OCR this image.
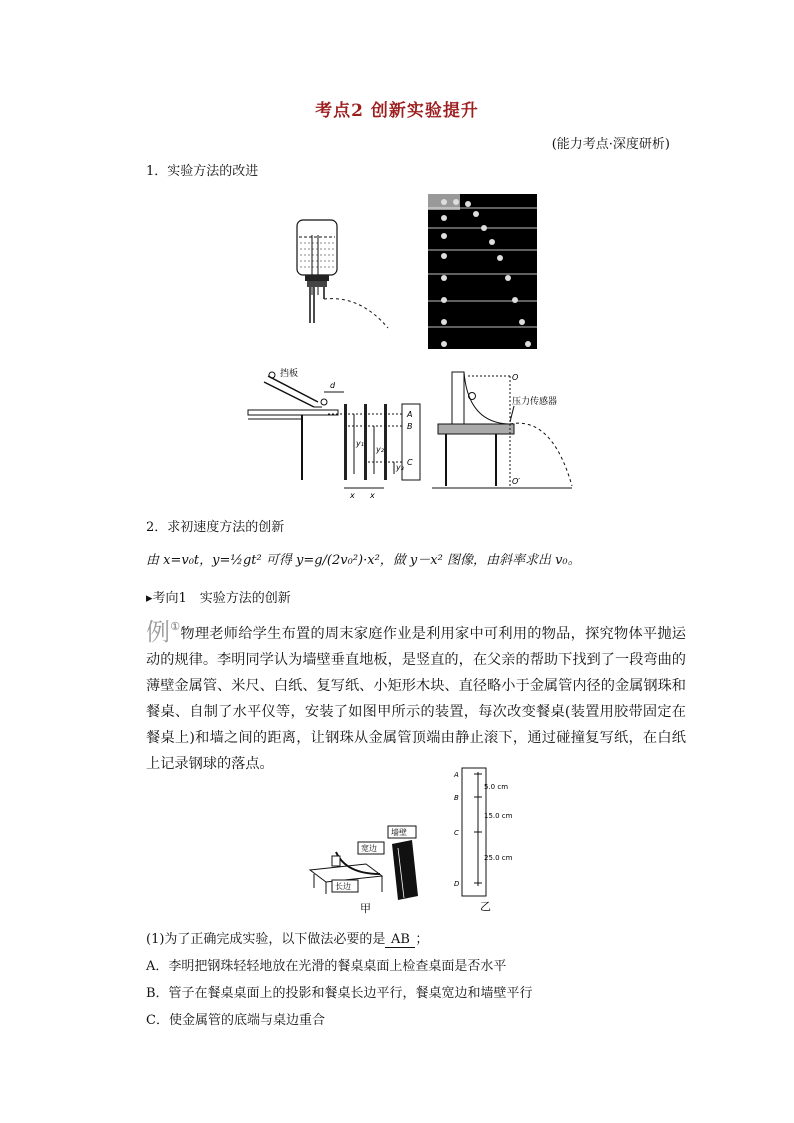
考点2 创新实验提升
(能力考点·深度研析)
1．实验方法的改进
挡板
d
A
B
C
y₁
y₂
y₃
x x
O
O′
压力传感器
2．求初速度方法的创新
由 x=v₀t，y=½gt² 可得 y=g/(2v₀²)·x²，做 y－x² 图像，由斜率求出 v₀。
▸考向1　实验方法的创新
例①物理老师给学生布置的周末家庭作业是利用家中可利用的物品，探究物体平抛运动的规律。李明同学认为墙壁垂直地板，是竖直的，在父亲的帮助下找到了一段弯曲的薄壁金属管、米尺、白纸、复写纸、小矩形木块、直径略小于金属管内径的金属钢珠和餐桌、自制了水平仪等，安装了如图甲所示的装置，每次改变餐桌(装置用胶带固定在餐桌上)和墙之间的距离，让钢珠从金属管顶端由静止滚下，通过碰撞复写纸，在白纸上记录钢球的落点。
长边
宽边
墙壁
甲
A
B
C
D
5.0 cm
15.0 cm
25.0 cm
乙
(1)为了正确完成实验，以下做法必要的是 AB ；
A．李明把钢珠轻轻地放在光滑的餐桌桌面上检查桌面是否水平
B．管子在餐桌桌面上的投影和餐桌长边平行，餐桌宽边和墙壁平行
C．使金属管的底端与桌边重合
